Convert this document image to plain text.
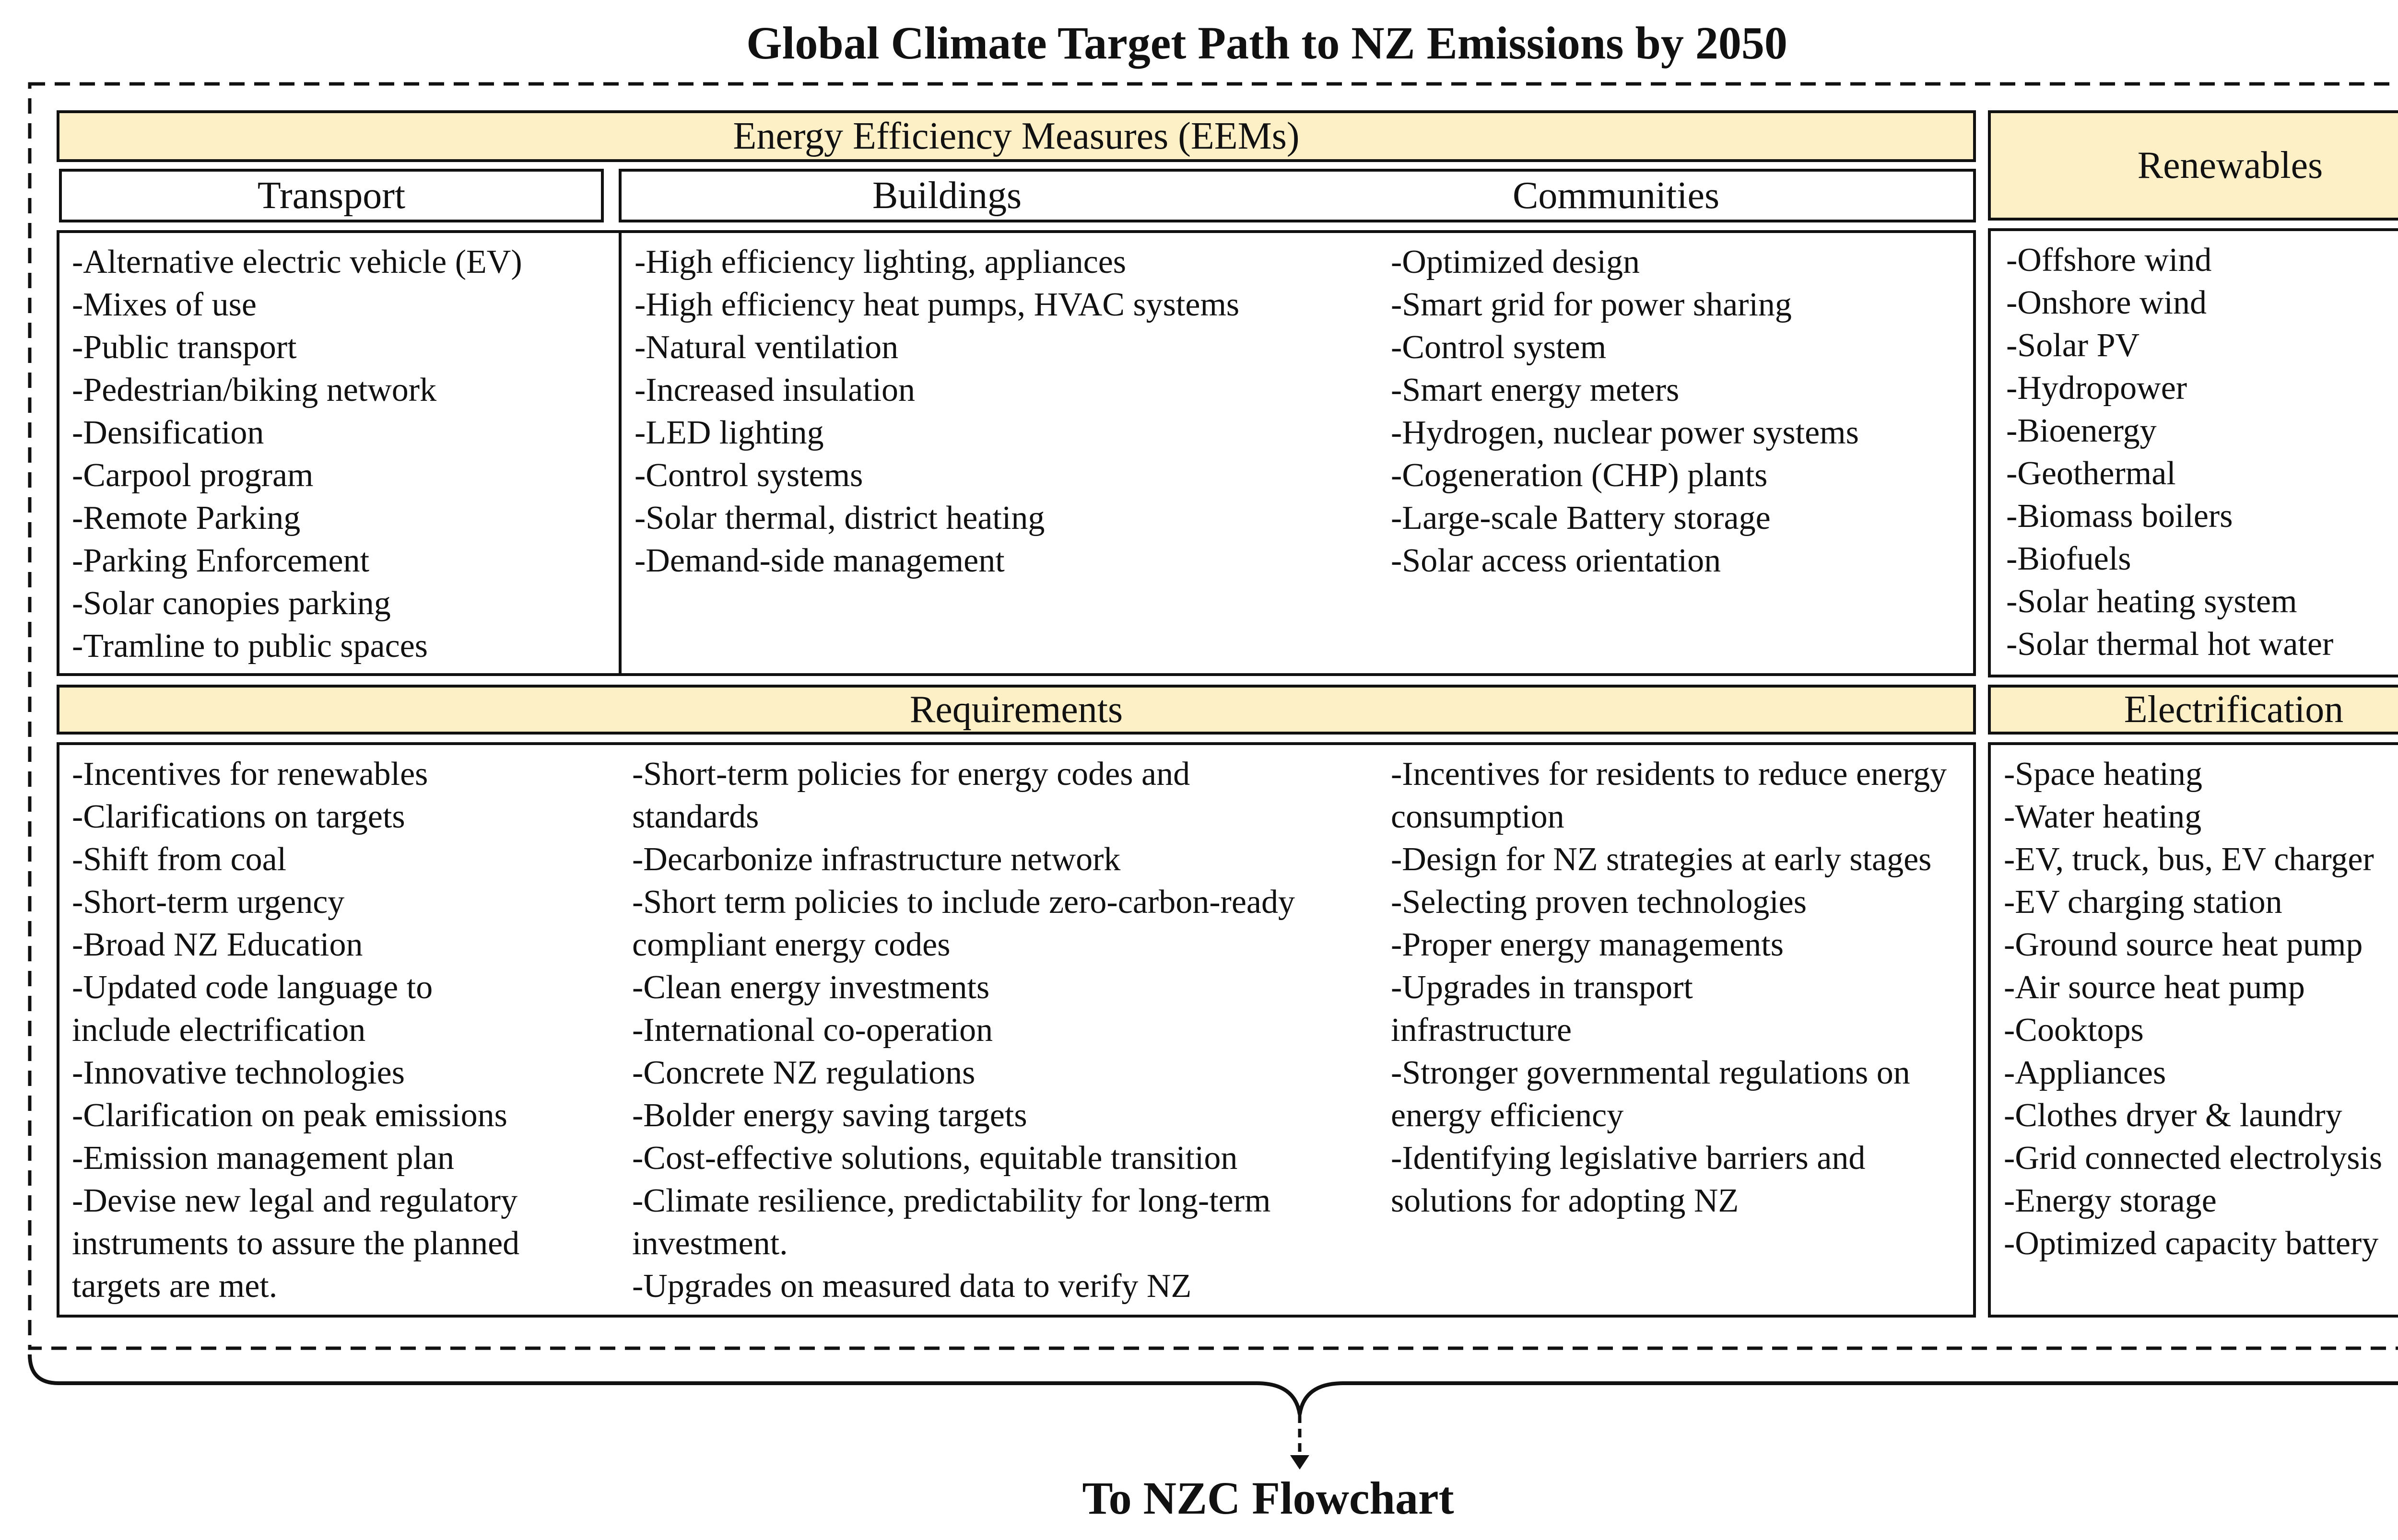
Global Climate Target Path to NZ Emissions by 2050
Energy Efficiency Measures (EEMs)
Transport	Buildings	Communities
-Alternative electric vehicle (EV)
-Mixes of use
-Public transport
-Pedestrian/biking network
-Densification
-Carpool program
-Remote Parking
-Parking Enforcement
-Solar canopies parking
-Tramline to public spaces
-High efficiency lighting, appliances
-High efficiency heat pumps, HVAC systems
-Natural ventilation
-Increased insulation
-LED lighting
-Control systems
-Solar thermal, district heating
-Demand-side management
-Optimized design
-Smart grid for power sharing
-Control system
-Smart energy meters
-Hydrogen, nuclear power systems
-Cogeneration (CHP) plants
-Large-scale Battery storage
-Solar access orientation
Renewables
-Offshore wind
-Onshore wind
-Solar PV
-Hydropower
-Bioenergy
-Geothermal
-Biomass boilers
-Biofuels
-Solar heating system
-Solar thermal hot water
Requirements
-Incentives for renewables
-Clarifications on targets
-Shift from coal
-Short-term urgency
-Broad NZ Education
-Updated code language to include electrification
-Innovative technologies
-Clarification on peak emissions
-Emission management plan
-Devise new legal and regulatory instruments to assure the planned targets are met.
-Short-term policies for energy codes and standards
-Decarbonize infrastructure network
-Short term policies to include zero-carbon-ready compliant energy codes
-Clean energy investments
-International co-operation
-Concrete NZ regulations
-Bolder energy saving targets
-Cost-effective solutions, equitable transition
-Climate resilience, predictability for long-term investment.
-Upgrades on measured data to verify NZ
-Incentives for residents to reduce energy consumption
-Design for NZ strategies at early stages
-Selecting proven technologies
-Proper energy managements
-Upgrades in transport infrastructure
-Stronger governmental regulations on energy efficiency
-Identifying legislative barriers and solutions for adopting NZ
Electrification
-Space heating
-Water heating
-EV, truck, bus, EV charger
-EV charging station
-Ground source heat pump
-Air source heat pump
-Cooktops
-Appliances
-Clothes dryer & laundry
-Grid connected electrolysis
-Energy storage
-Optimized capacity battery
To NZC Flowchart
